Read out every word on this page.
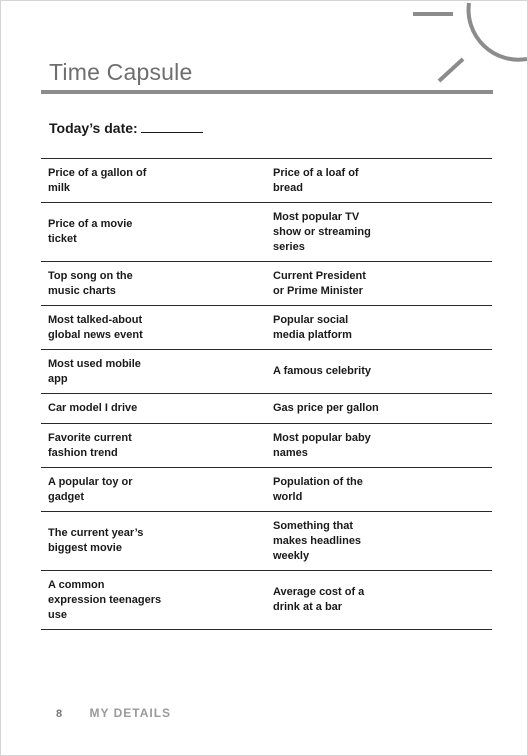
Time Capsule
Today’s date:
Price of a gallon of
milk
Price of a loaf of
bread
Price of a movie
ticket
Most popular TV
show or streaming
series
Top song on the
music charts
Current President
or Prime Minister
Most talked-about
global news event
Popular social
media platform
Most used mobile
app
A famous celebrity
Car model I drive	Gas price per gallon
Favorite current
fashion trend
Most popular baby
names
A popular toy or
gadget
Population of the
world
The current year’s
biggest movie
Something that
makes headlines
weekly
A common
expression teenagers
use
Average cost of a
drink at a bar
8 MY DETAILS
